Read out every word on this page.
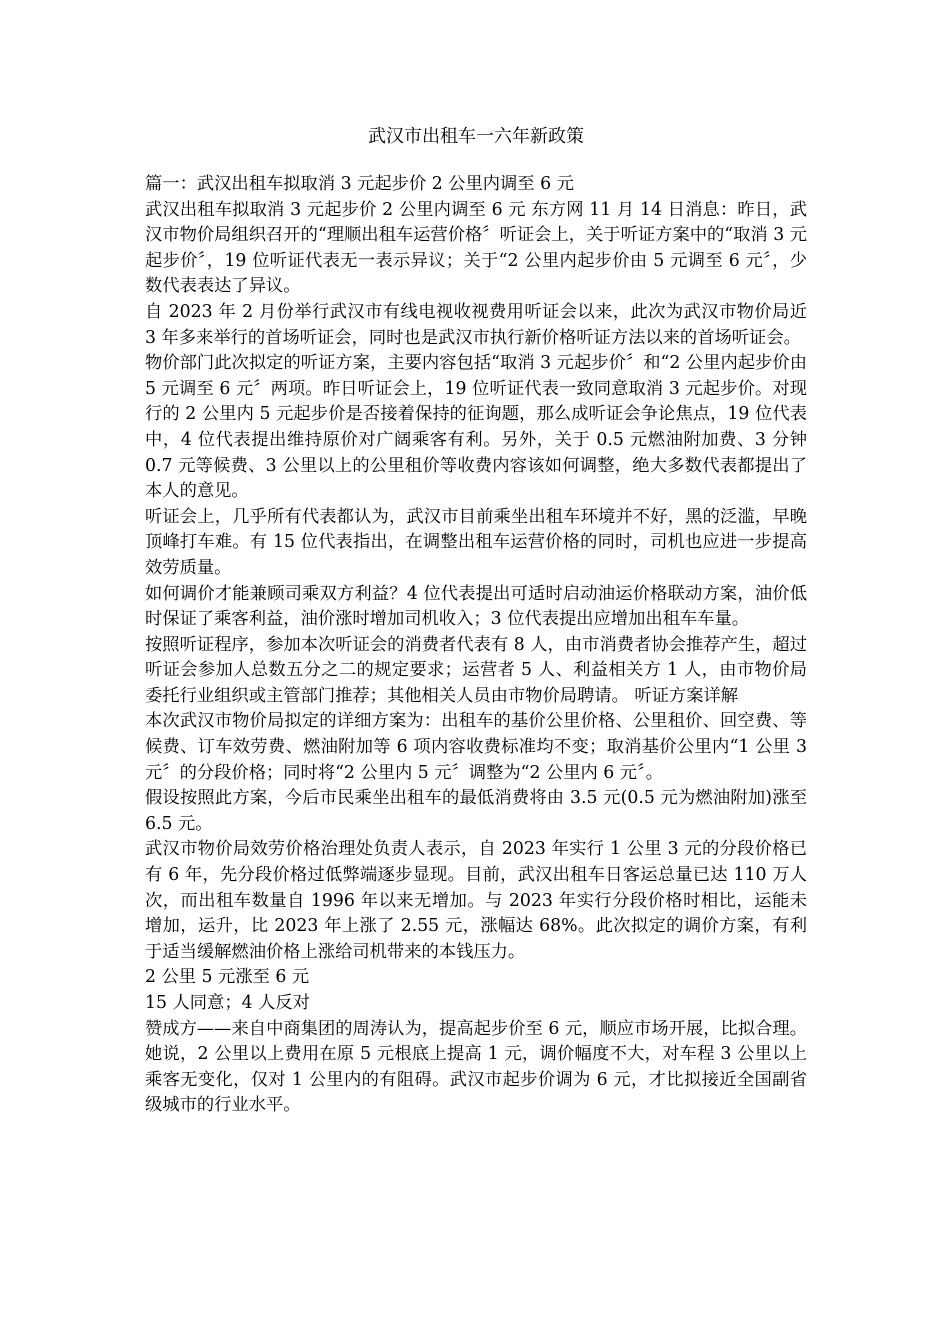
武汉市出租车一六年新政策

篇一：武汉出租车拟取消 3 元起步价 2 公里内调至 6 元

武汉出租车拟取消 3 元起步价 2 公里内调至 6 元 东方网 11 月 14 日消息：昨日，武汉市物价局组织召开的“理顺出租车运营价格〞听证会上，关于听证方案中的“取消 3 元起步价〞，19 位听证代表无一表示异议；关于“2 公里内起步价由 5 元调至 6 元〞，少数代表表达了异议。

自 2023 年 2 月份举行武汉市有线电视收视费用听证会以来，此次为武汉市物价局近 3 年多来举行的首场听证会，同时也是武汉市执行新价格听证方法以来的首场听证会。

物价部门此次拟定的听证方案，主要内容包括“取消 3 元起步价〞和“2 公里内起步价由 5 元调至 6 元〞两项。昨日听证会上，19 位听证代表一致同意取消 3 元起步价。对现行的 2 公里内 5 元起步价是否接着保持的征询题，那么成听证会争论焦点，19 位代表中，4 位代表提出维持原价对广阔乘客有利。另外，关于 0.5 元燃油附加费、3 分钟 0.7 元等候费、3 公里以上的公里租价等收费内容该如何调整，绝大多数代表都提出了本人的意见。

听证会上，几乎所有代表都认为，武汉市目前乘坐出租车环境并不好，黑的泛滥，早晚顶峰打车难。有 15 位代表指出，在调整出租车运营价格的同时，司机也应进一步提高效劳质量。

如何调价才能兼顾司乘双方利益？4 位代表提出可适时启动油运价格联动方案，油价低时保证了乘客利益，油价涨时增加司机收入；3 位代表提出应增加出租车车量。

按照听证程序，参加本次听证会的消费者代表有 8 人，由市消费者协会推荐产生，超过听证会参加人总数五分之二的规定要求；运营者 5 人、利益相关方 1 人，由市物价局委托行业组织或主管部门推荐；其他相关人员由市物价局聘请。 听证方案详解

本次武汉市物价局拟定的详细方案为：出租车的基价公里价格、公里租价、回空费、等候费、订车效劳费、燃油附加等 6 项内容收费标准均不变；取消基价公里内“1 公里 3 元〞的分段价格；同时将“2 公里内 5 元〞调整为“2 公里内 6 元〞。

假设按照此方案，今后市民乘坐出租车的最低消费将由 3.5 元(0.5 元为燃油附加)涨至 6.5 元。

武汉市物价局效劳价格治理处负责人表示，自 2023 年实行 1 公里 3 元的分段价格已有 6 年，先分段价格过低弊端逐步显现。目前，武汉出租车日客运总量已达 110 万人次，而出租车数量自 1996 年以来无增加。与 2023 年实行分段价格时相比，运能未增加，运升，比 2023 年上涨了 2.55 元，涨幅达 68%。此次拟定的调价方案，有利于适当缓解燃油价格上涨给司机带来的本钱压力。

2 公里 5 元涨至 6 元

15 人同意；4 人反对

赞成方——来自中商集团的周涛认为，提高起步价至 6 元，顺应市场开展，比拟合理。她说，2 公里以上费用在原 5 元根底上提高 1 元，调价幅度不大，对车程 3 公里以上乘客无变化，仅对 1 公里内的有阻碍。武汉市起步价调为 6 元，才比拟接近全国副省级城市的行业水平。
